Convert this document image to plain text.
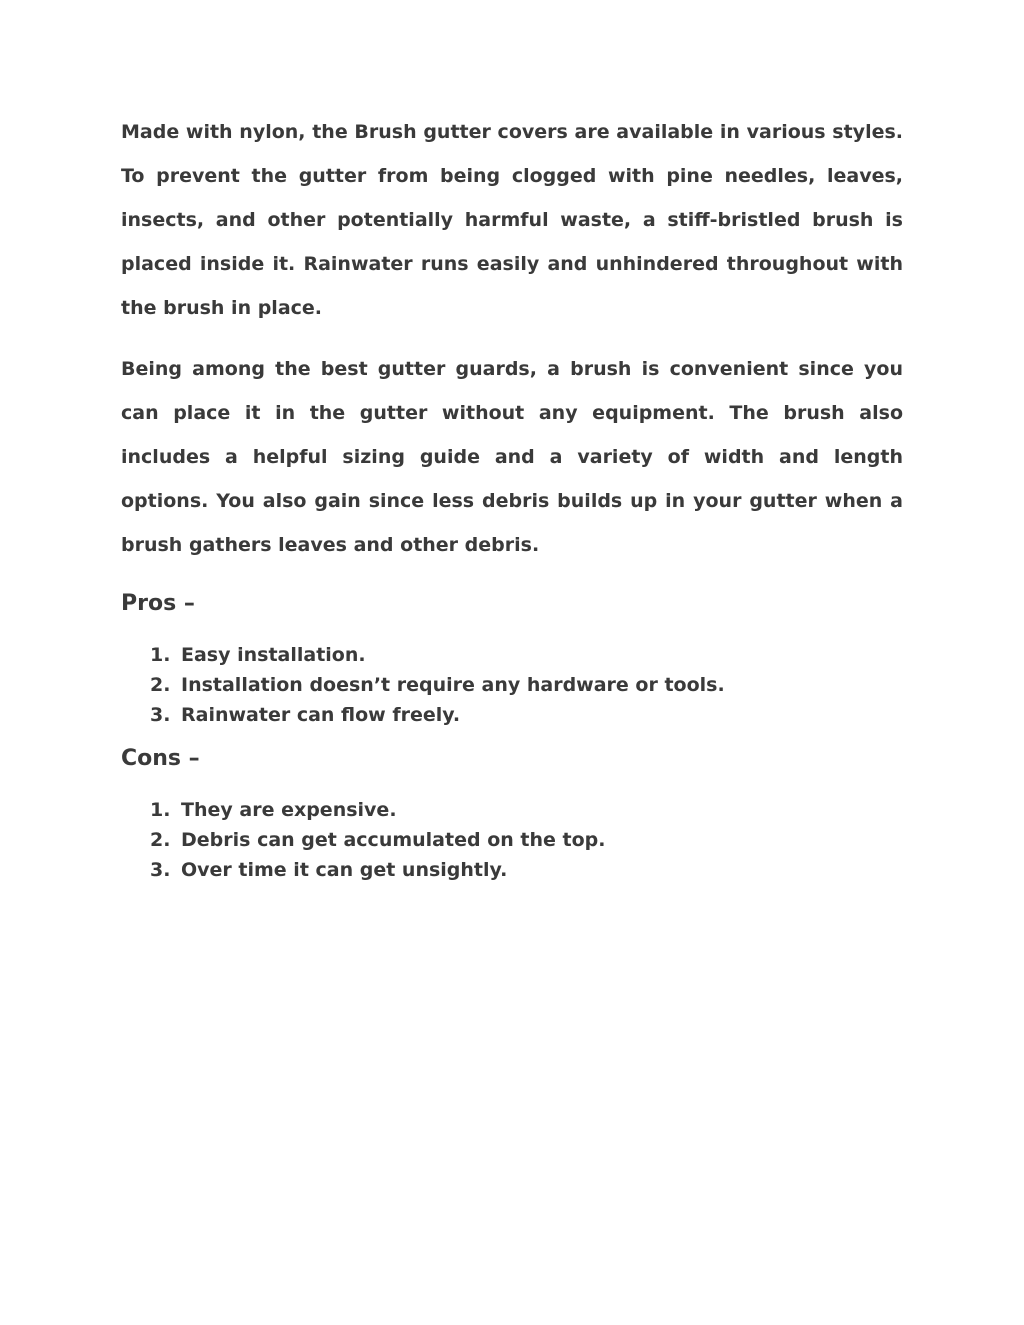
Made with nylon, the Brush gutter covers are available in various styles. To prevent the gutter from being clogged with pine needles, leaves, insects, and other potentially harmful waste, a stiff-bristled brush is placed inside it. Rainwater runs easily and unhindered throughout with the brush in place.

Being among the best gutter guards, a brush is convenient since you can place it in the gutter without any equipment. The brush also includes a helpful sizing guide and a variety of width and length options. You also gain since less debris builds up in your gutter when a brush gathers leaves and other debris.

Pros –
1. Easy installation.
2. Installation doesn’t require any hardware or tools.
3. Rainwater can flow freely.
Cons –
1. They are expensive.
2. Debris can get accumulated on the top.
3. Over time it can get unsightly.
